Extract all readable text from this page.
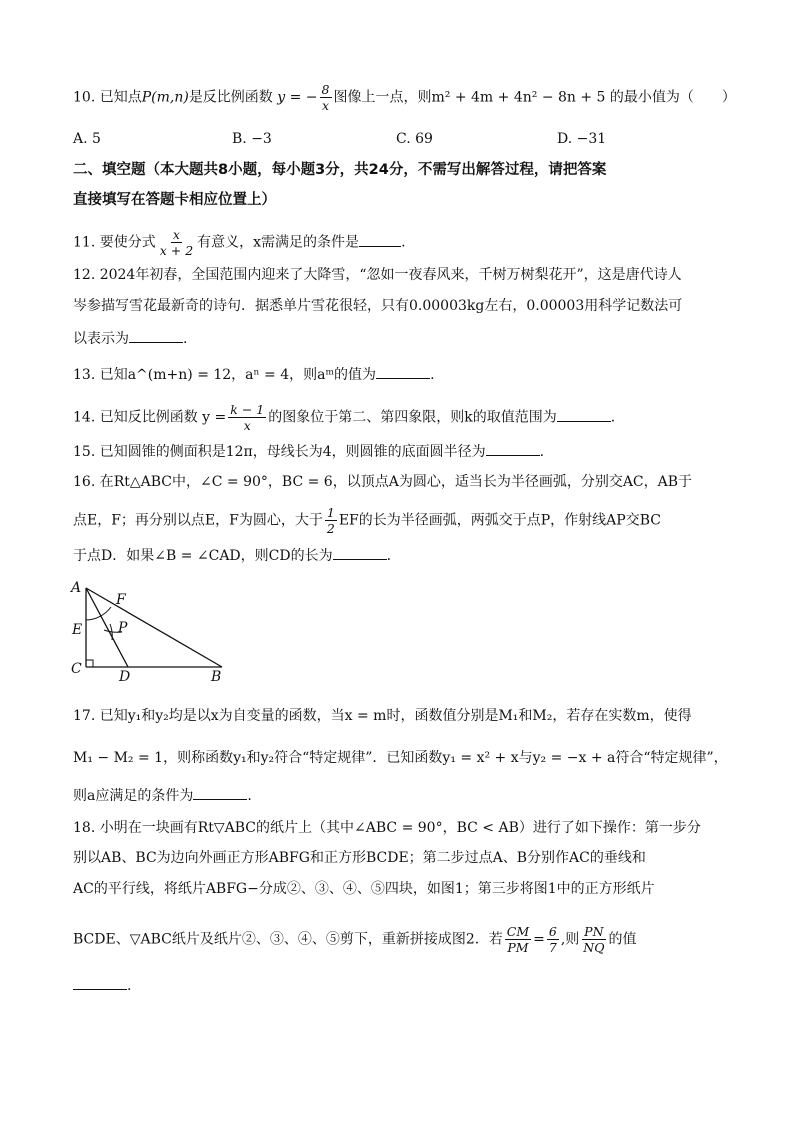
10. 已知点P(m,n)是反比例函数 y = − $\frac{8}{x}$ 图像上一点，则m² + 4m + 4n² − 8n + 5 的最小值为（　　）
A. 5	B. −3	C. 69	D. −31
二、填空题（本大题共8小题，每小题3分，共24分，不需写出解答过程，请把答案
直接填写在答题卡相应位置上）
11. 要使分式 $\frac{x}{x + 2}$ 有意义，x需满足的条件是	.
12. 2024年初春，全国范围内迎来了大降雪，“忽如一夜春风来，千树万树梨花开”，这是唐代诗人
岑参描写雪花最新奇的诗句．据悉单片雪花很轻，只有0.00003kg左右，0.00003用科学记数法可
以表示为	.
13. 已知a^(m+n) = 12，aⁿ = 4，则aᵐ的值为	.
14. 已知反比例函数 $y = \frac{k - 1}{x}$ 的图象位于第二、第四象限，则k的取值范围为	.
15. 已知圆锥的侧面积是12π，母线长为4，则圆锥的底面圆半径为	.
16. 在Rt△ABC中，∠C = 90°，BC = 6，以顶点A为圆心，适当长为半径画弧，分别交AC，AB于
点E，F；再分别以点E，F为圆心，大于 $\frac{1}{2}$ EF的长为半径画弧，两弧交于点P，作射线AP交BC
于点D．如果∠B = ∠CAD，则CD的长为	.
A
F
E	P
C	D	B
17. 已知y₁和y₂均是以x为自变量的函数，当x = m时，函数值分别是M₁和M₂，若存在实数m，使得
M₁ − M₂ = 1，则称函数y₁和y₂符合“特定规律”．已知函数y₁ = x² + x与y₂ = −x + a符合“特定规律”，
则a应满足的条件为	.
18. 小明在一块画有Rt▽ABC的纸片上（其中∠ABC = 90°，BC < AB）进行了如下操作：第一步分
别以AB、BC为边向外画正方形ABFG和正方形BCDE；第二步过点A、B分别作AC的垂线和
AC的平行线，将纸片ABFG−分成②、③、④、⑤四块，如图1；第三步将图1中的正方形纸片
BCDE、▽ABC纸片及纸片②、③、④、⑤剪下，重新拼接成图2．若 $\frac{CM}{PM} = \frac{6}{7}$ ,则 $\frac{PN}{NQ}$ 的值
.
